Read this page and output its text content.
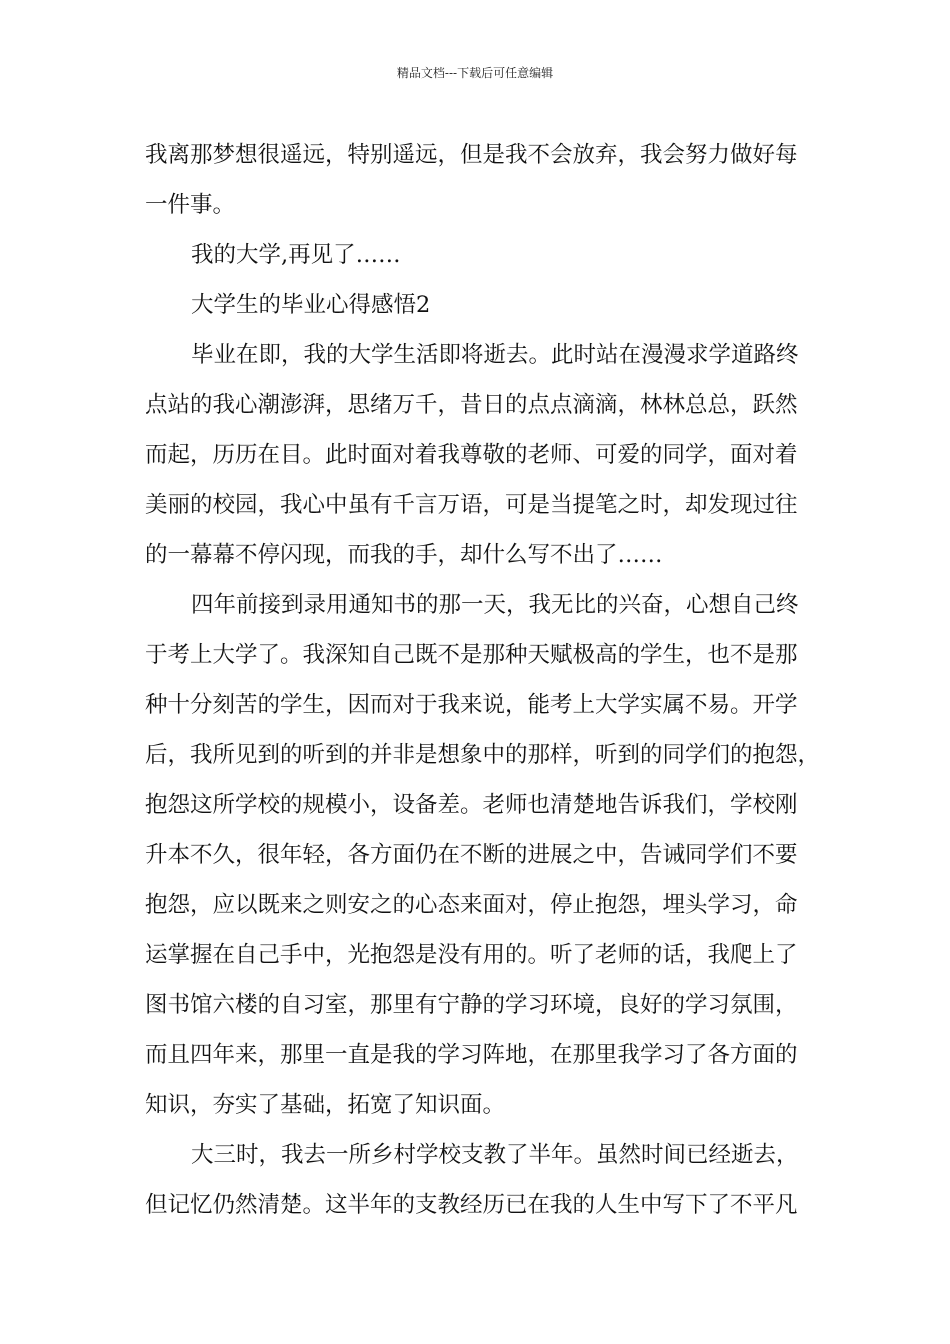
精品文档---下载后可任意编辑
我离那梦想很遥远，特别遥远，但是我不会放弃，我会努力做好每
一件事。
我的大学,再见了……
大学生的毕业心得感悟2
毕业在即，我的大学生活即将逝去。此时站在漫漫求学道路终
点站的我心潮澎湃，思绪万千，昔日的点点滴滴，林林总总，跃然
而起，历历在目。此时面对着我尊敬的老师、可爱的同学，面对着
美丽的校园，我心中虽有千言万语，可是当提笔之时，却发现过往
的一幕幕不停闪现，而我的手，却什么写不出了……
四年前接到录用通知书的那一天，我无比的兴奋，心想自己终
于考上大学了。我深知自己既不是那种天赋极高的学生，也不是那
种十分刻苦的学生，因而对于我来说，能考上大学实属不易。开学
后，我所见到的听到的并非是想象中的那样，听到的同学们的抱怨，
抱怨这所学校的规模小，设备差。老师也清楚地告诉我们，学校刚
升本不久，很年轻，各方面仍在不断的进展之中，告诫同学们不要
抱怨，应以既来之则安之的心态来面对，停止抱怨，埋头学习，命
运掌握在自己手中，光抱怨是没有用的。听了老师的话，我爬上了
图书馆六楼的自习室，那里有宁静的学习环境，良好的学习氛围，
而且四年来，那里一直是我的学习阵地，在那里我学习了各方面的
知识，夯实了基础，拓宽了知识面。
大三时，我去一所乡村学校支教了半年。虽然时间已经逝去，
但记忆仍然清楚。这半年的支教经历已在我的人生中写下了不平凡
